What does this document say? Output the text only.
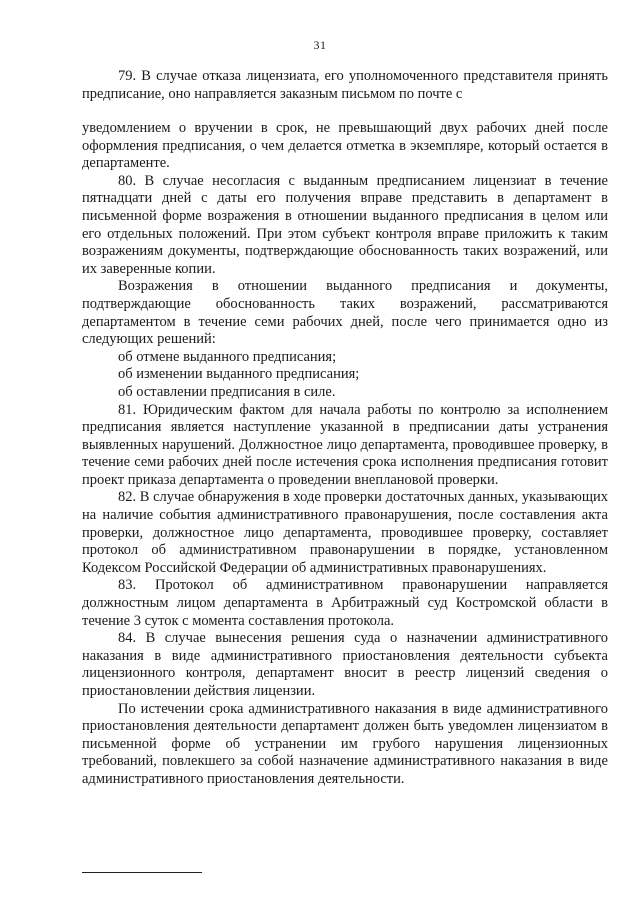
31

79. В случае отказа лицензиата, его уполномоченного представителя принять предписание, оно направляется заказным письмом по почте с

уведомлением о вручении в срок, не превышающий двух рабочих дней после оформления предписания, о чем делается отметка в экземпляре, который остается в департаменте.

80. В случае несогласия с выданным предписанием лицензиат в течение пятнадцати дней с даты его получения вправе представить в департамент в письменной форме возражения в отношении выданного предписания в целом или его отдельных положений. При этом субъект контроля вправе приложить к таким возражениям документы, подтверждающие обоснованность таких возражений, или их заверенные копии.

Возражения в отношении выданного предписания и документы, подтверждающие обоснованность таких возражений, рассматриваются департаментом в течение семи рабочих дней, после чего принимается одно из следующих решений:

об отмене выданного предписания;

об изменении выданного предписания;

об оставлении предписания в силе.

81. Юридическим фактом для начала работы по контролю за исполнением предписания является наступление указанной в предписании даты устранения выявленных нарушений. Должностное лицо департамента, проводившее проверку, в течение семи рабочих дней после истечения срока исполнения предписания готовит проект приказа департамента о проведении внеплановой проверки.

82. В случае обнаружения в ходе проверки достаточных данных, указывающих на наличие события административного правонарушения, после составления акта проверки, должностное лицо департамента, проводившее проверку, составляет протокол об административном правонарушении в порядке, установленном Кодексом Российской Федерации об административных правонарушениях.

83. Протокол об административном правонарушении направляется должностным лицом департамента в Арбитражный суд Костромской области в течение 3 суток с момента составления протокола.

84. В случае вынесения решения суда о назначении административного наказания в виде административного приостановления деятельности субъекта лицензионного контроля, департамент вносит в реестр лицензий сведения о приостановлении действия лицензии.

По истечении срока административного наказания в виде административного приостановления деятельности департамент должен быть уведомлен лицензиатом в письменной форме об устранении им грубого нарушения лицензионных требований, повлекшего за собой назначение административного наказания в виде административного приостановления деятельности.
